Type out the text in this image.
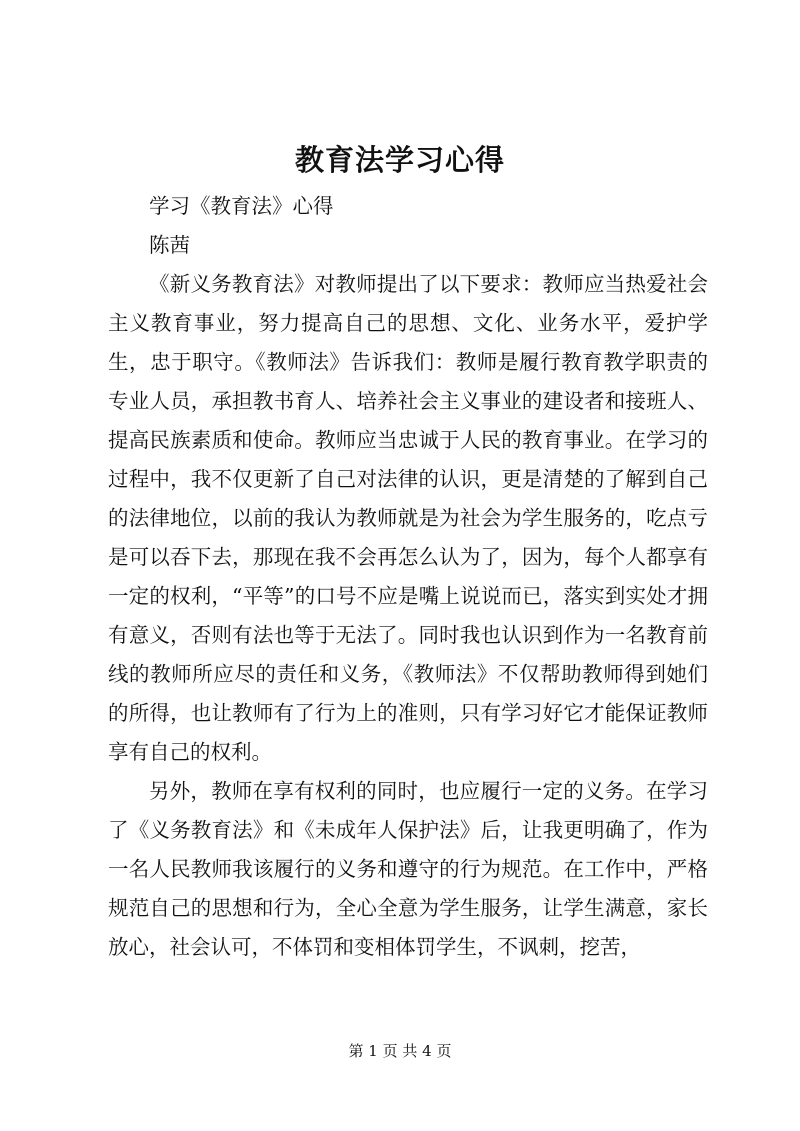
教育法学习心得

学习《教育法》心得

陈茜

《新义务教育法》对教师提出了以下要求：教师应当热爱社会主义教育事业，努力提高自己的思想、文化、业务水平，爱护学生，忠于职守。《教师法》告诉我们：教师是履行教育教学职责的专业人员，承担教书育人、培养社会主义事业的建设者和接班人、提高民族素质和使命。教师应当忠诚于人民的教育事业。在学习的过程中，我不仅更新了自己对法律的认识，更是清楚的了解到自己的法律地位，以前的我认为教师就是为社会为学生服务的，吃点亏是可以吞下去，那现在我不会再怎么认为了，因为，每个人都享有一定的权利，“平等”的口号不应是嘴上说说而已，落实到实处才拥有意义，否则有法也等于无法了。同时我也认识到作为一名教育前线的教师所应尽的责任和义务，《教师法》不仅帮助教师得到她们的所得，也让教师有了行为上的准则，只有学习好它才能保证教师享有自己的权利。

另外，教师在享有权利的同时，也应履行一定的义务。在学习了《义务教育法》和《未成年人保护法》后，让我更明确了，作为一名人民教师我该履行的义务和遵守的行为规范。在工作中，严格规范自己的思想和行为，全心全意为学生服务，让学生满意，家长放心，社会认可，不体罚和变相体罚学生，不讽刺，挖苦，

第 1 页 共 4 页
